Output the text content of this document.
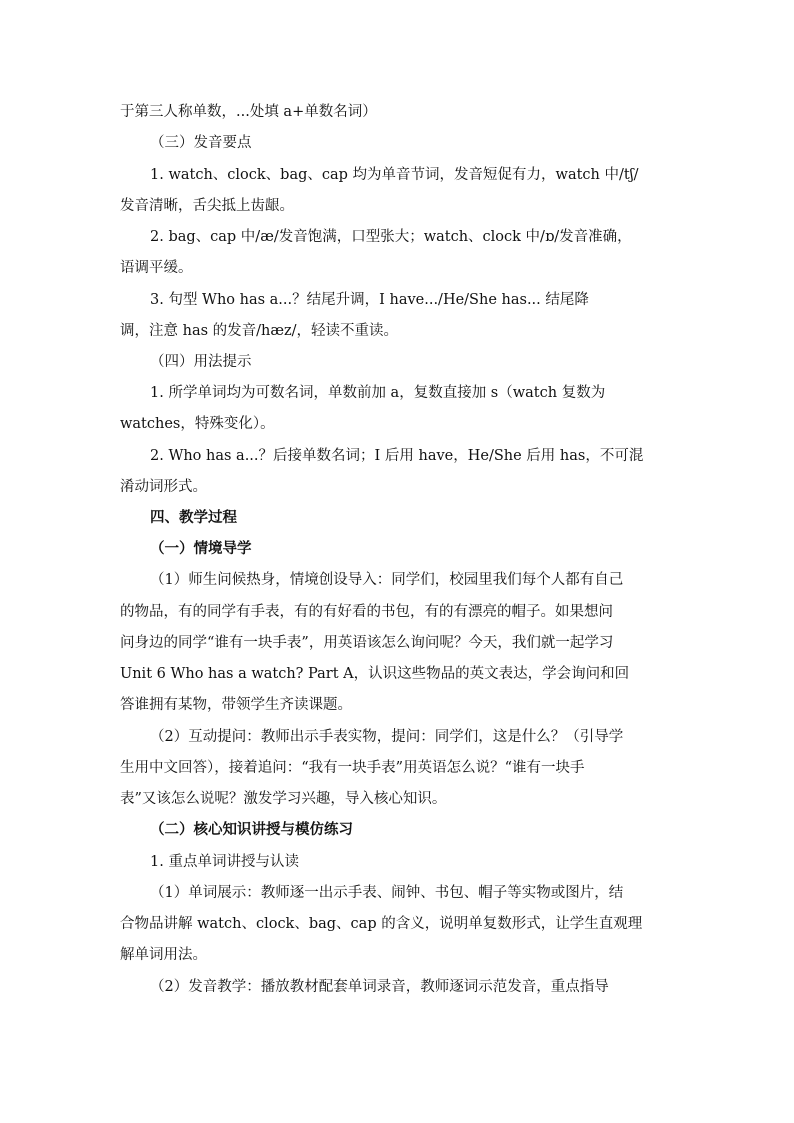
于第三人称单数，...处填 a+单数名词）
（三）发音要点
1. watch、clock、bag、cap 均为单音节词，发音短促有力，watch 中/tʃ/
发音清晰，舌尖抵上齿龈。
2. bag、cap 中/æ/发音饱满，口型张大；watch、clock 中/ɒ/发音准确，
语调平缓。
3. 句型 Who has a...？结尾升调，I have.../He/She has... 结尾降
调，注意 has 的发音/hæz/，轻读不重读。
（四）用法提示
1. 所学单词均为可数名词，单数前加 a，复数直接加 s（watch 复数为
watches，特殊变化）。
2. Who has a...？后接单数名词；I 后用 have，He/She 后用 has，不可混
淆动词形式。
四、教学过程
（一）情境导学
（1）师生问候热身，情境创设导入：同学们，校园里我们每个人都有自己
的物品，有的同学有手表，有的有好看的书包，有的有漂亮的帽子。如果想问
问身边的同学“谁有一块手表”，用英语该怎么询问呢？今天，我们就一起学习
Unit 6 Who has a watch? Part A，认识这些物品的英文表达，学会询问和回
答谁拥有某物，带领学生齐读课题。
（2）互动提问：教师出示手表实物，提问：同学们，这是什么？（引导学
生用中文回答），接着追问：“我有一块手表”用英语怎么说？“谁有一块手
表”又该怎么说呢？激发学习兴趣，导入核心知识。
（二）核心知识讲授与模仿练习
1. 重点单词讲授与认读
（1）单词展示：教师逐一出示手表、闹钟、书包、帽子等实物或图片，结
合物品讲解 watch、clock、bag、cap 的含义，说明单复数形式，让学生直观理
解单词用法。
（2）发音教学：播放教材配套单词录音，教师逐词示范发音，重点指导
